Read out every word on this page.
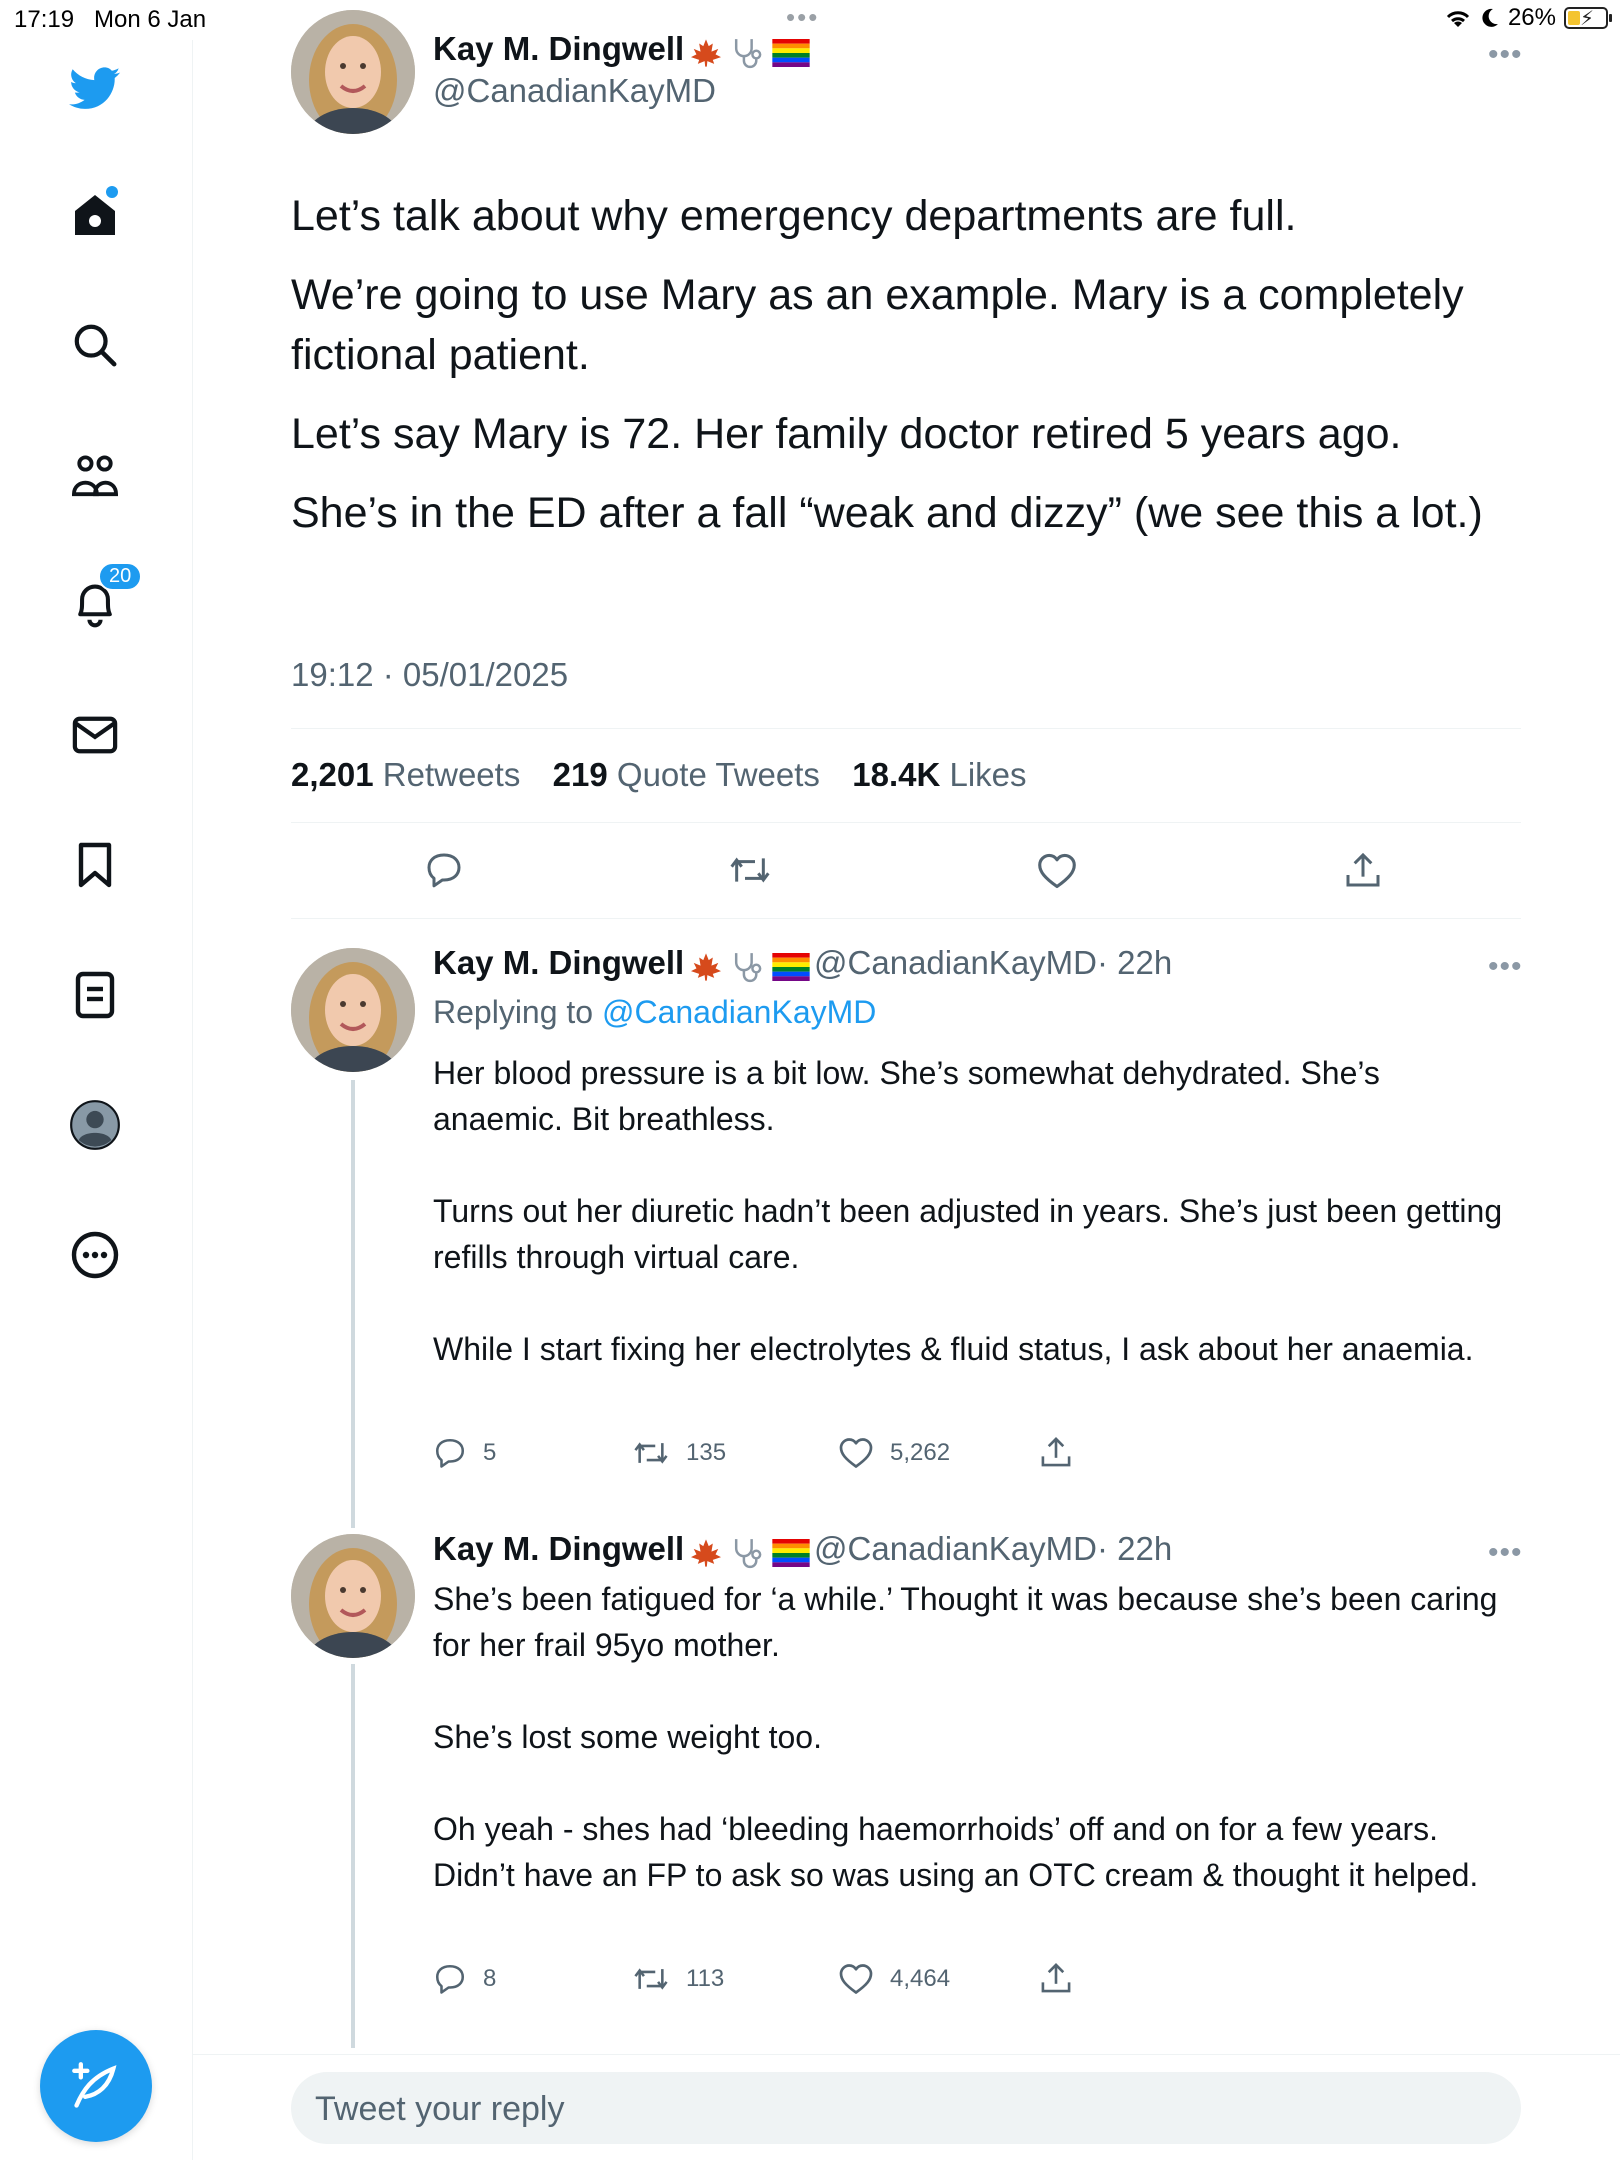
17:19 Mon 6 Jan	•••	26% ⚡
20
Kay M. Dingwell
@CanadianKayMD
•••
Let’s talk about why emergency departments are full.
We’re going to use Mary as an example. Mary is a completely fictional patient.
Let’s say Mary is 72. Her family doctor retired 5 years ago.
She’s in the ED after a fall “weak and dizzy” (we see this a lot.)
19:12 · 05/01/2025
2,201 Retweets 219 Quote Tweets 18.4K Likes
Kay M. Dingwell	@CanadianKayMD· 22h	•••
Replying to @CanadianKayMD

Her blood pressure is a bit low. She’s somewhat dehydrated. She’s anaemic. Bit breathless.

Turns out her diuretic hadn’t been adjusted in years. She’s just been getting refills through virtual care.

While I start fixing her electrolytes & fluid status, I ask about her anaemia.

5	135	5,262
Kay M. Dingwell	@CanadianKayMD· 22h	•••

She’s been fatigued for ‘a while.’ Thought it was because she’s been caring for her frail 95yo mother.

She’s lost some weight too.

Oh yeah - shes had ‘bleeding haemorrhoids’ off and on for a few years. Didn’t have an FP to ask so was using an OTC cream & thought it helped.

8	113	4,464
Tweet your reply
